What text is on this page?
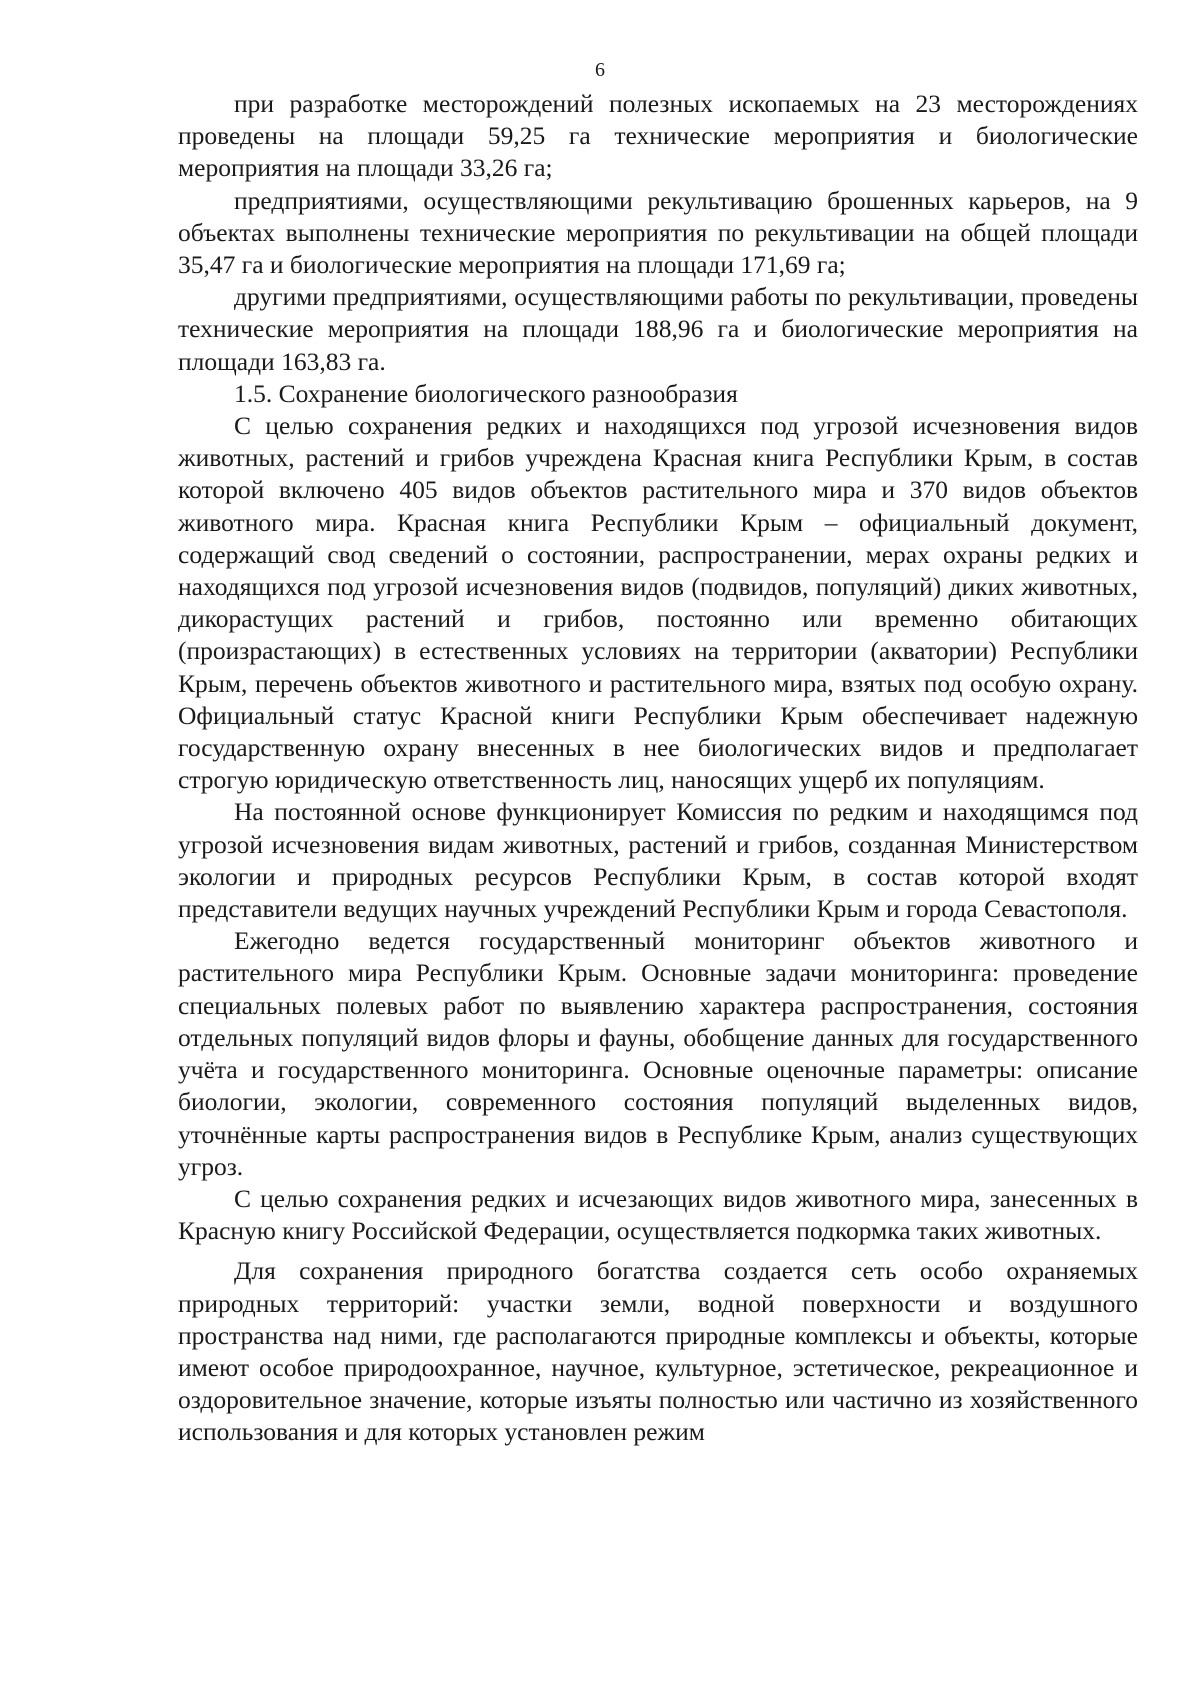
6

при разработке месторождений полезных ископаемых на 23 месторождениях проведены на площади 59,25 га технические мероприятия и биологические мероприятия на площади 33,26 га;

предприятиями, осуществляющими рекультивацию брошенных карьеров, на 9 объектах выполнены технические мероприятия по рекультивации на общей площади 35,47 га и биологические мероприятия на площади 171,69 га;

другими предприятиями, осуществляющими работы по рекультивации, проведены технические мероприятия на площади 188,96 га и биологические мероприятия на площади 163,83 га.

1.5. Сохранение биологического разнообразия

С целью сохранения редких и находящихся под угрозой исчезновения видов животных, растений и грибов учреждена Красная книга Республики Крым, в состав которой включено 405 видов объектов растительного мира и 370 видов объектов животного мира. Красная книга Республики Крым – официальный документ, содержащий свод сведений о состоянии, распространении, мерах охраны редких и находящихся под угрозой исчезновения видов (подвидов, популяций) диких животных, дикорастущих растений и грибов, постоянно или временно обитающих (произрастающих) в естественных условиях на территории (акватории) Республики Крым, перечень объектов животного и растительного мира, взятых под особую охрану. Официальный статус Красной книги Республики Крым обеспечивает надежную государственную охрану внесенных в нее биологических видов и предполагает строгую юридическую ответственность лиц, наносящих ущерб их популяциям.

На постоянной основе функционирует Комиссия по редким и находящимся под угрозой исчезновения видам животных, растений и грибов, созданная Министерством экологии и природных ресурсов Республики Крым, в состав которой входят представители ведущих научных учреждений Республики Крым и города Севастополя.

Ежегодно ведется государственный мониторинг объектов животного и растительного мира Республики Крым. Основные задачи мониторинга: проведение специальных полевых работ по выявлению характера распространения, состояния отдельных популяций видов флоры и фауны, обобщение данных для государственного учёта и государственного мониторинга. Основные оценочные параметры: описание биологии, экологии, современного состояния популяций выделенных видов, уточнённые карты распространения видов в Республике Крым, анализ существующих угроз.

С целью сохранения редких и исчезающих видов животного мира, занесенных в Красную книгу Российской Федерации, осуществляется подкормка таких животных.

Для сохранения природного богатства создается сеть особо охраняемых природных территорий: участки земли, водной поверхности и воздушного пространства над ними, где располагаются природные комплексы и объекты, которые имеют особое природоохранное, научное, культурное, эстетическое, рекреационное и оздоровительное значение, которые изъяты полностью или частично из хозяйственного использования и для которых установлен режим
